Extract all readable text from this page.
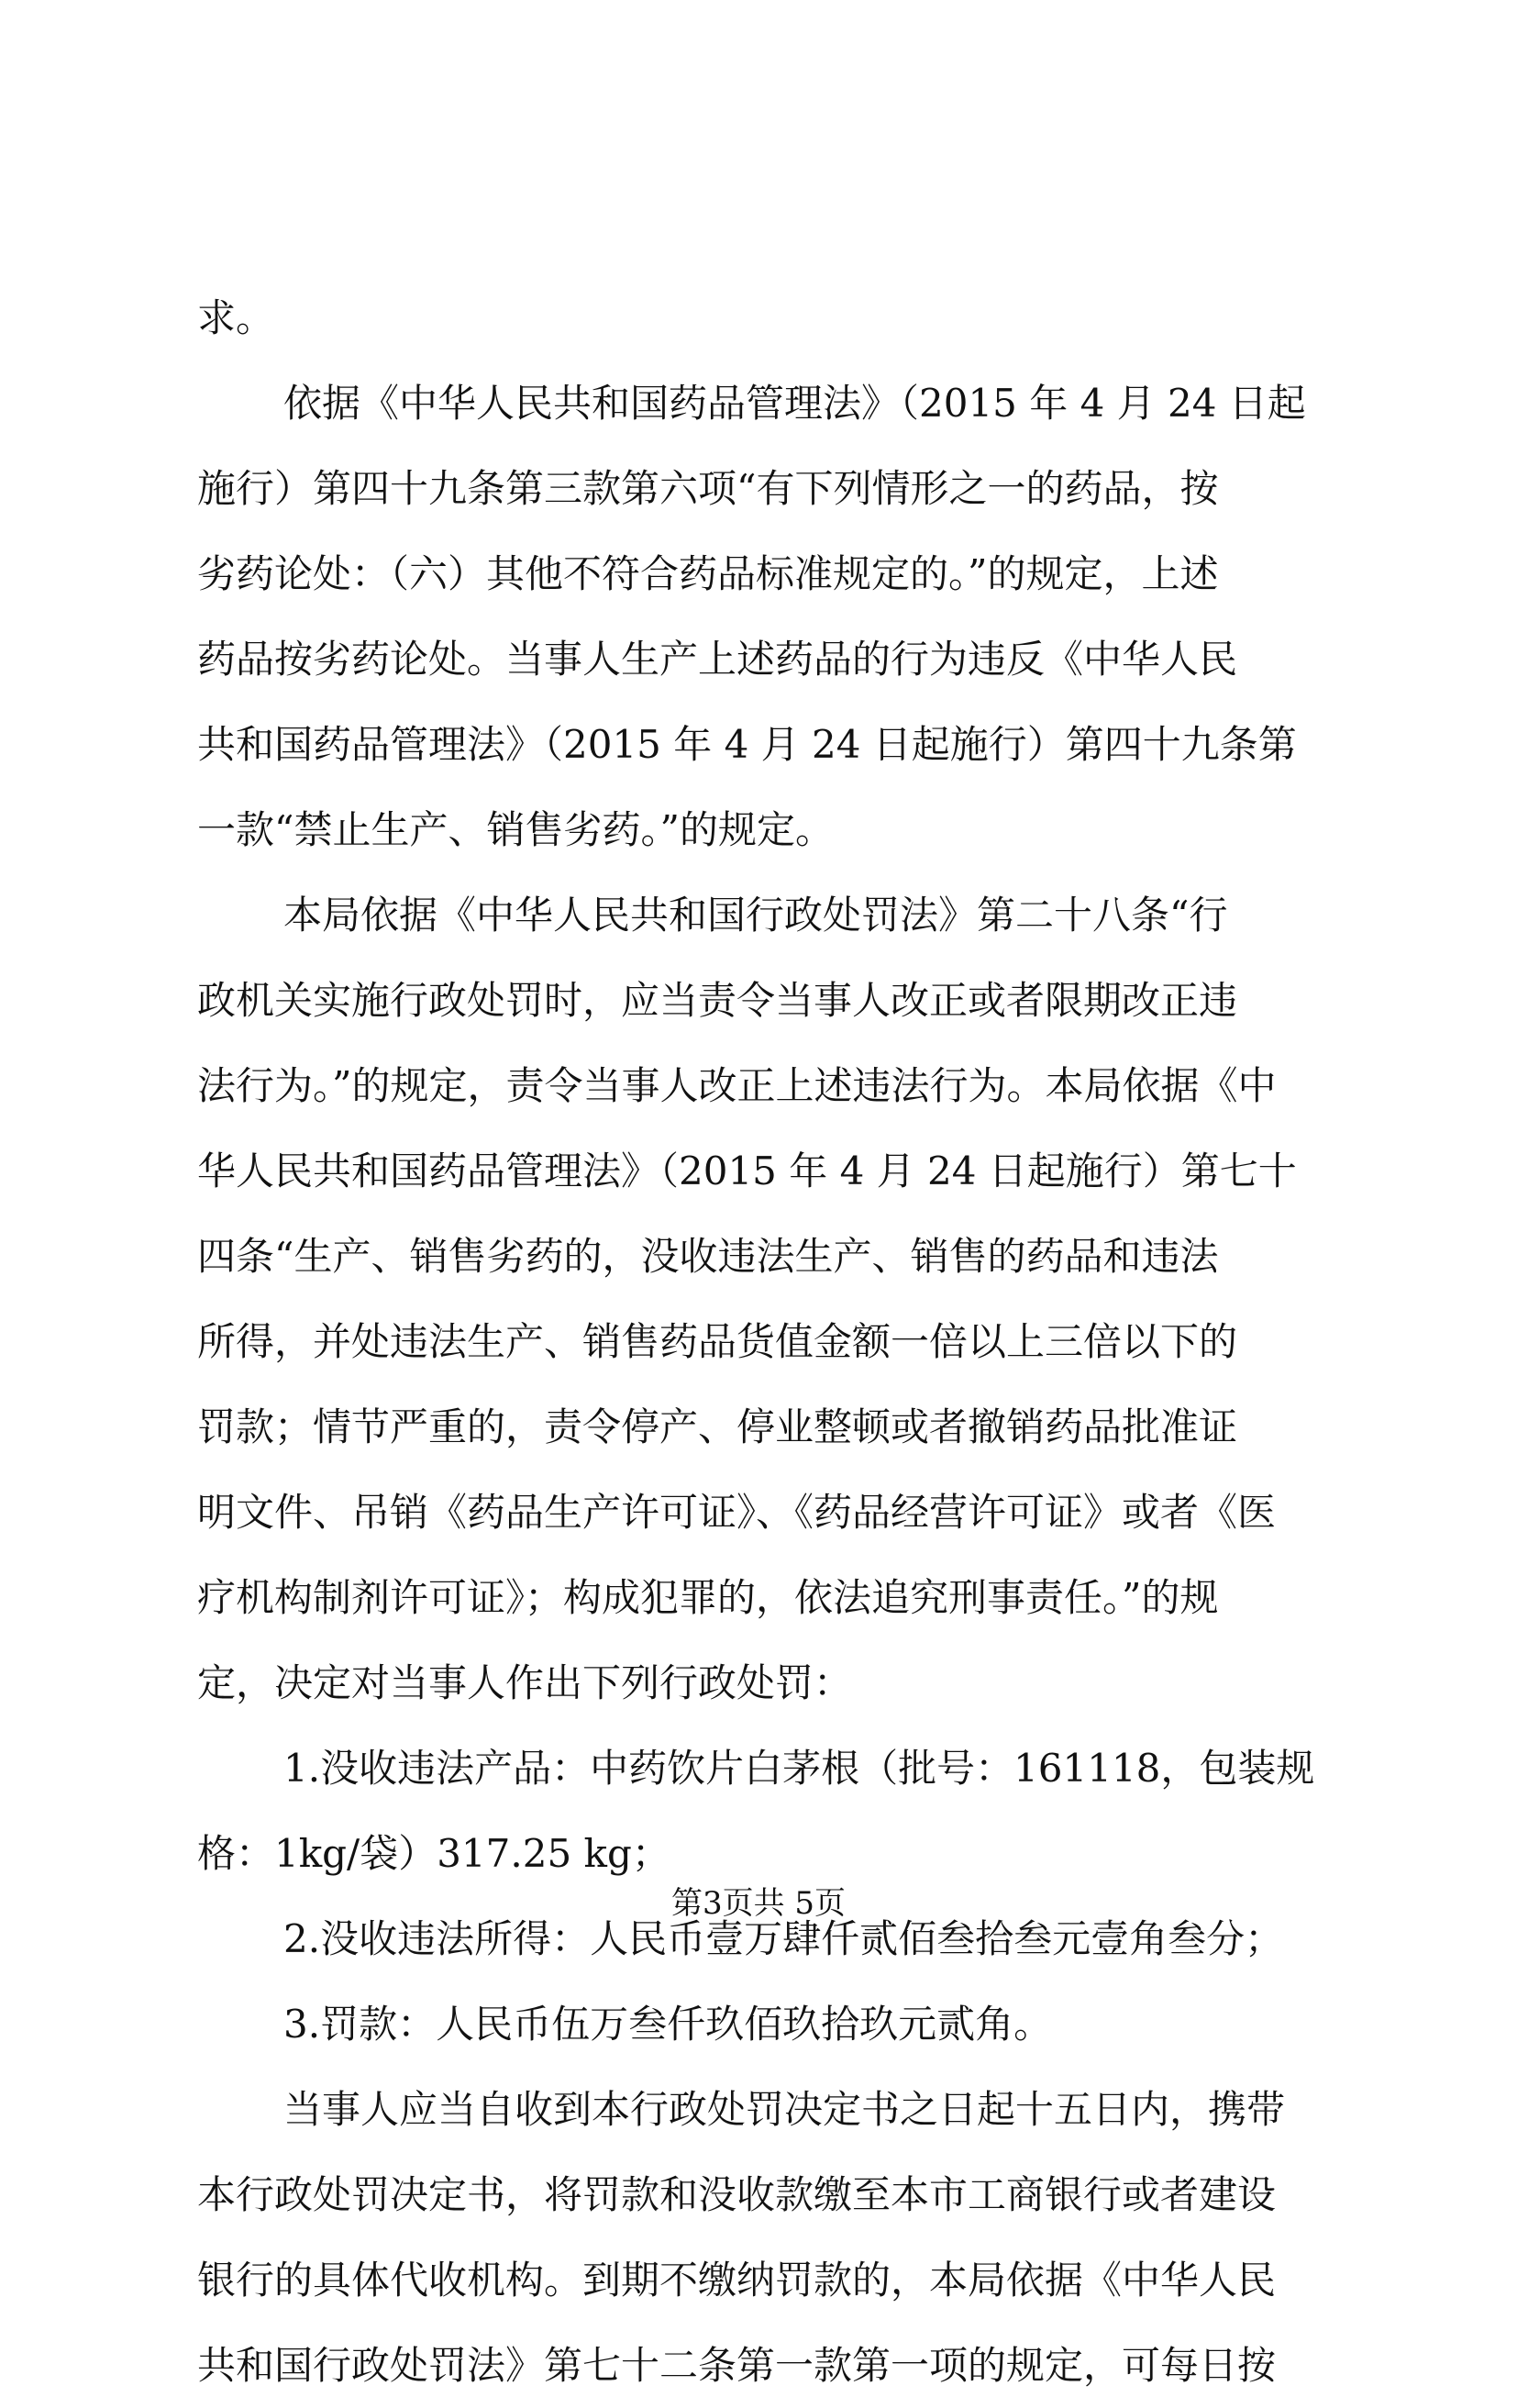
求。
依据《中华人民共和国药品管理法》（2015 年 4 月 24 日起
施行）第四十九条第三款第六项“有下列情形之一的药品，按
劣药论处：（六）其他不符合药品标准规定的。”的规定，上述
药品按劣药论处。当事人生产上述药品的行为违反《中华人民
共和国药品管理法》（2015 年 4 月 24 日起施行）第四十九条第
一款“禁止生产、销售劣药。”的规定。
本局依据《中华人民共和国行政处罚法》第二十八条“行
政机关实施行政处罚时，应当责令当事人改正或者限期改正违
法行为。”的规定，责令当事人改正上述违法行为。本局依据《中
华人民共和国药品管理法》（2015 年 4 月 24 日起施行）第七十
四条“生产、销售劣药的，没收违法生产、销售的药品和违法
所得，并处违法生产、销售药品货值金额一倍以上三倍以下的
罚款；情节严重的，责令停产、停业整顿或者撤销药品批准证
明文件、吊销《药品生产许可证》、《药品经营许可证》或者《医
疗机构制剂许可证》；构成犯罪的，依法追究刑事责任。”的规
定，决定对当事人作出下列行政处罚：
1.没收违法产品：中药饮片白茅根（批号：161118，包装规
格：1kg/袋）317.25 kg；
2.没收违法所得：人民币壹万肆仟贰佰叁拾叁元壹角叁分；
3.罚款：人民币伍万叁仟玖佰玖拾玖元贰角。
当事人应当自收到本行政处罚决定书之日起十五日内，携带
本行政处罚决定书，将罚款和没收款缴至本市工商银行或者建设
银行的具体代收机构。到期不缴纳罚款的，本局依据《中华人民
共和国行政处罚法》第七十二条第一款第一项的规定，可每日按
第3页共 5页
